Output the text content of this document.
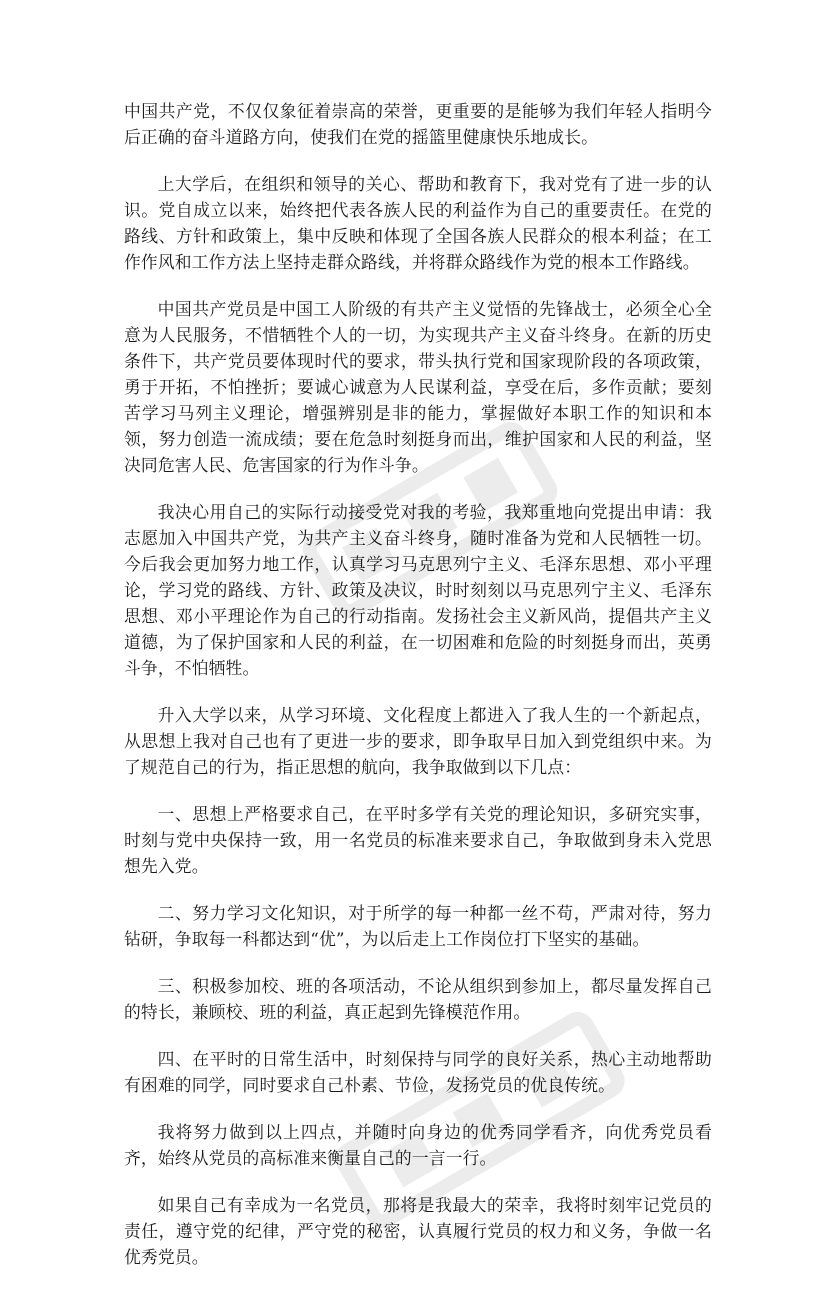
中国共产党，不仅仅象征着崇高的荣誉，更重要的是能够为我们年轻人指明今后正确的奋斗道路方向，使我们在党的摇篮里健康快乐地成长。

上大学后，在组织和领导的关心、帮助和教育下，我对党有了进一步的认识。党自成立以来，始终把代表各族人民的利益作为自己的重要责任。在党的路线、方针和政策上，集中反映和体现了全国各族人民群众的根本利益；在工作作风和工作方法上坚持走群众路线，并将群众路线作为党的根本工作路线。

中国共产党员是中国工人阶级的有共产主义觉悟的先锋战士，必须全心全意为人民服务，不惜牺牲个人的一切，为实现共产主义奋斗终身。在新的历史条件下，共产党员要体现时代的要求，带头执行党和国家现阶段的各项政策，勇于开拓，不怕挫折；要诚心诚意为人民谋利益，享受在后，多作贡献；要刻苦学习马列主义理论，增强辨别是非的能力，掌握做好本职工作的知识和本领，努力创造一流成绩；要在危急时刻挺身而出，维护国家和人民的利益，坚决同危害人民、危害国家的行为作斗争。

我决心用自己的实际行动接受党对我的考验，我郑重地向党提出申请：我志愿加入中国共产党，为共产主义奋斗终身，随时准备为党和人民牺牲一切。今后我会更加努力地工作，认真学习马克思列宁主义、毛泽东思想、邓小平理论，学习党的路线、方针、政策及决议，时时刻刻以马克思列宁主义、毛泽东思想、邓小平理论作为自己的行动指南。发扬社会主义新风尚，提倡共产主义道德，为了保护国家和人民的利益，在一切困难和危险的时刻挺身而出，英勇斗争，不怕牺牲。

升入大学以来，从学习环境、文化程度上都进入了我人生的一个新起点，从思想上我对自己也有了更进一步的要求，即争取早日加入到党组织中来。为了规范自己的行为，指正思想的航向，我争取做到以下几点：

一、思想上严格要求自己，在平时多学有关党的理论知识，多研究实事，时刻与党中央保持一致，用一名党员的标准来要求自己，争取做到身未入党思想先入党。

二、努力学习文化知识，对于所学的每一种都一丝不苟，严肃对待，努力钻研，争取每一科都达到“优”，为以后走上工作岗位打下坚实的基础。

三、积极参加校、班的各项活动，不论从组织到参加上，都尽量发挥自己的特长，兼顾校、班的利益，真正起到先锋模范作用。

四、在平时的日常生活中，时刻保持与同学的良好关系，热心主动地帮助有困难的同学，同时要求自己朴素、节俭，发扬党员的优良传统。

我将努力做到以上四点，并随时向身边的优秀同学看齐，向优秀党员看齐，始终从党员的高标准来衡量自己的一言一行。

如果自己有幸成为一名党员，那将是我最大的荣幸，我将时刻牢记党员的责任，遵守党的纪律，严守党的秘密，认真履行党员的权力和义务，争做一名优秀党员。
